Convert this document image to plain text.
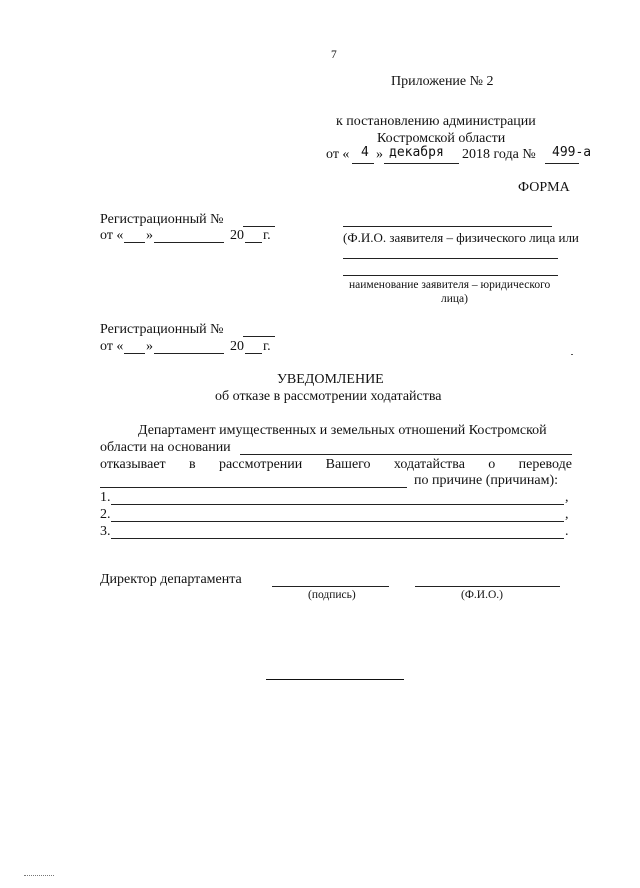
7
Приложение № 2
к постановлению администрации
Костромской области
от « 4 » декабря 2018 года № 499-а
ФОРМА
Регистрационный №
от « »	20 г.	(Ф.И.О. заявителя – физического лица или
наименование заявителя – юридического
лица)
Регистрационный №
от « »	20 г.
УВЕДОМЛЕНИЕ
об отказе в рассмотрении ходатайства
Департамент имущественных и земельных отношений Костромской
области на основании
отказывает в рассмотрении Вашего ходатайства о переводе
по причине (причинам):
1.	,
2.	,
3.	.
Директор департамента
(подпись)	(Ф.И.О.)
